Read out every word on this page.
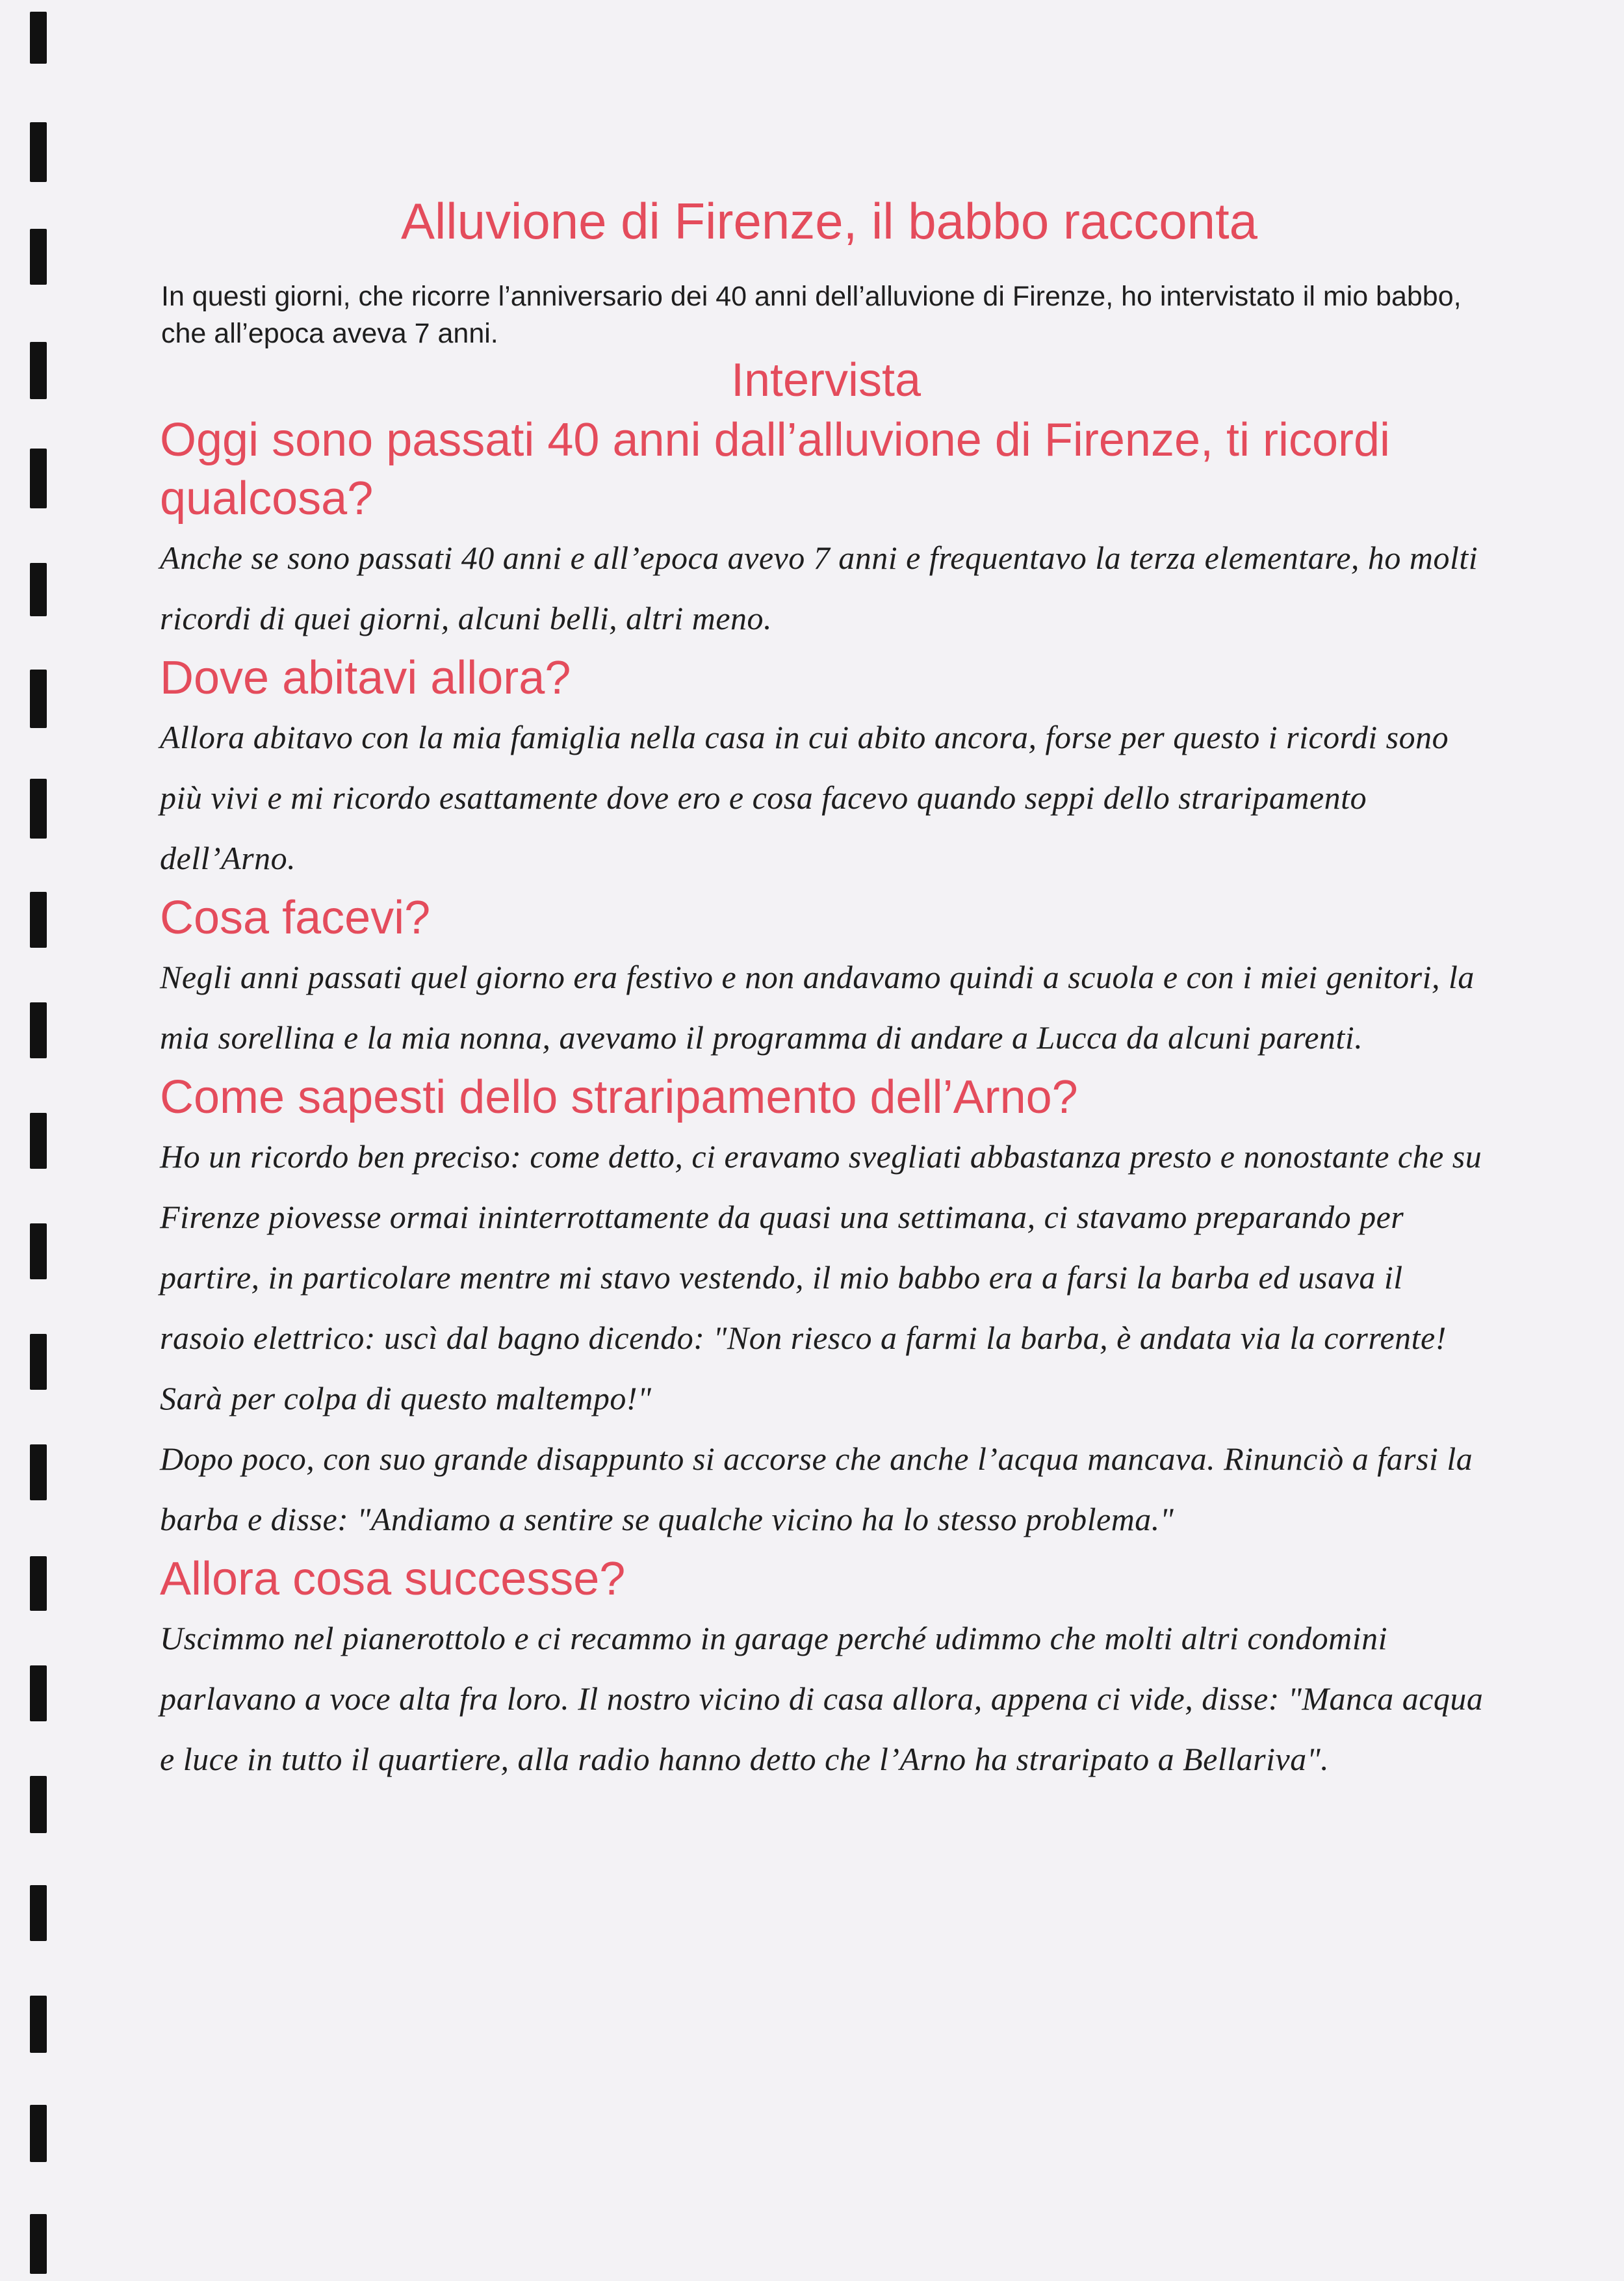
Alluvione di Firenze, il babbo racconta

In questi giorni, che ricorre l’anniversario dei 40 anni dell’alluvione di Firenze, ho intervistato il mio babbo, che all’epoca aveva 7 anni.

Intervista
Oggi sono passati 40 anni dall’alluvione di Firenze, ti ricordi qualcosa?

Anche se sono passati 40 anni e all’epoca avevo 7 anni e frequentavo la terza elementare, ho molti ricordi di quei giorni, alcuni belli, altri meno.

Dove abitavi allora?

Allora abitavo con la mia famiglia nella casa in cui abito ancora, forse per questo i ricordi sono più vivi e mi ricordo esattamente dove ero e cosa facevo quando seppi dello straripamento dell’Arno.

Cosa facevi?

Negli anni passati quel giorno era festivo e non andavamo quindi a scuola e con i miei genitori, la mia sorellina e la mia nonna, avevamo il programma di andare a Lucca da alcuni parenti.

Come sapesti dello straripamento dell’Arno?

Ho un ricordo ben preciso: come detto, ci eravamo svegliati abbastanza presto e nonostante che su Firenze piovesse ormai ininterrottamente da quasi una settimana, ci stavamo preparando per partire, in particolare mentre mi stavo vestendo, il mio babbo era a farsi la barba ed usava il rasoio elettrico: uscì dal bagno dicendo: "Non riesco a farmi la barba, è andata via la corrente! Sarà per colpa di questo maltempo!"

Dopo poco, con suo grande disappunto si accorse che anche l’acqua mancava. Rinunciò a farsi la barba e disse: "Andiamo a sentire se qualche vicino ha lo stesso problema."

Allora cosa successe?

Uscimmo nel pianerottolo e ci recammo in garage perché udimmo che molti altri condomini parlavano a voce alta fra loro. Il nostro vicino di casa allora, appena ci vide, disse: "Manca acqua e luce in tutto il quartiere, alla radio hanno detto che l’Arno ha straripato a Bellariva".
